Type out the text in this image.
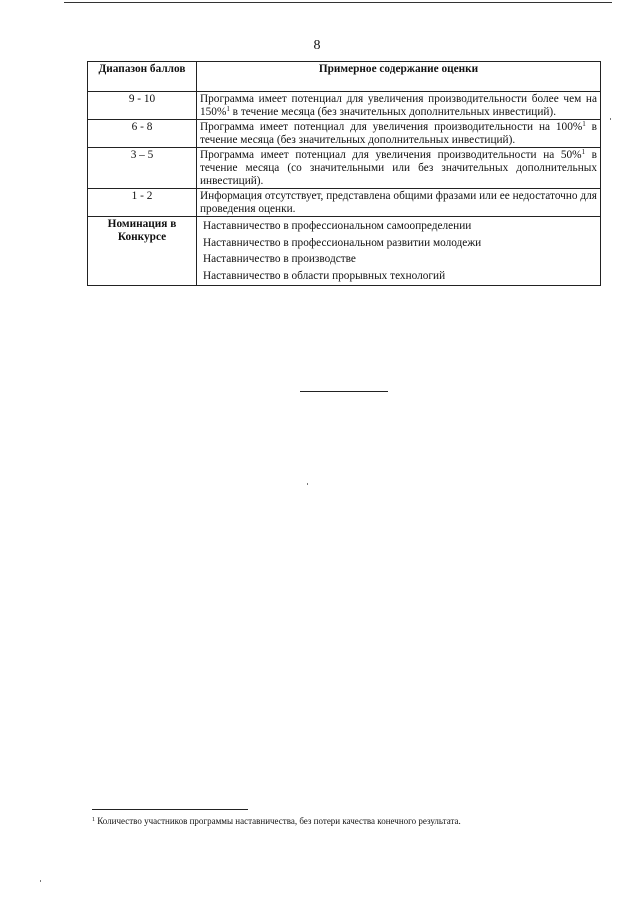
8
Диапазон баллов	Примерное содержание оценки
9 - 10	Программа имеет потенциал для увеличения производительности более чем на 150%$^1$ в течение месяца (без значительных дополнительных инвестиций).
6 - 8	Программа имеет потенциал для увеличения производительности на 100%$^1$ в течение месяца (без значительных дополнительных инвестиций).
3 – 5	Программа имеет потенциал для увеличения производительности на 50%$^1$ в течение месяца (со значительными или без значительных дополнительных инвестиций).
1 - 2	Информация отсутствует, представлена общими фразами или ее недостаточно для проведения оценки.
Номинация в Конкурсе	Наставничество в профессиональном самоопределении
Наставничество в профессиональном развитии молодежи
Наставничество в производстве
Наставничество в области прорывных технологий
$^1$ Количество участников программы наставничества, без потери качества конечного результата.
